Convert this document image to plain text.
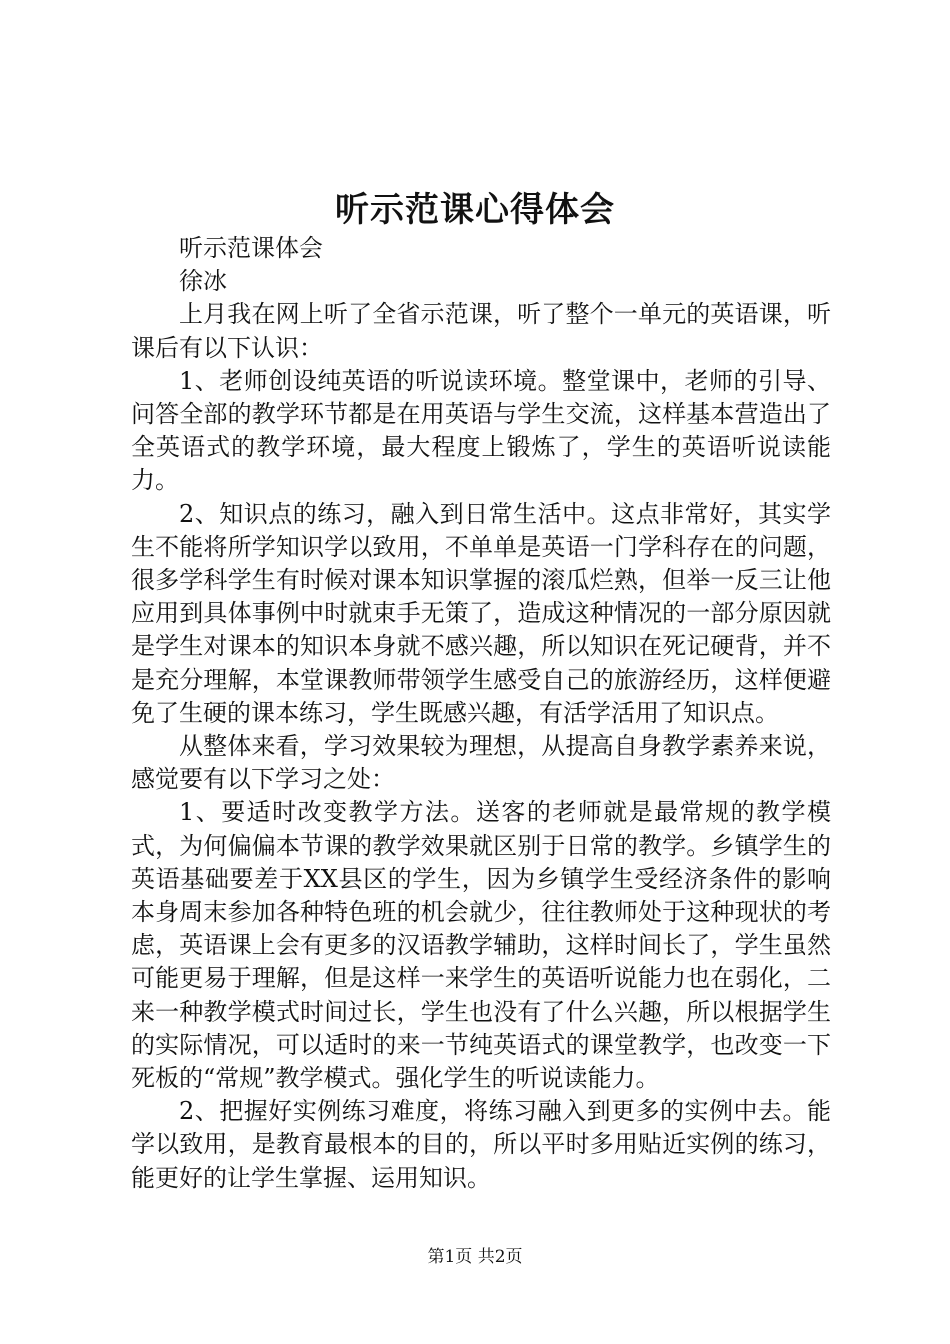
听示范课心得体会

听示范课体会

徐冰

上月我在网上听了全省示范课，听了整个一单元的英语课，听课后有以下认识：

1、老师创设纯英语的听说读环境。整堂课中，老师的引导、问答全部的教学环节都是在用英语与学生交流，这样基本营造出了全英语式的教学环境，最大程度上锻炼了，学生的英语听说读能力。

2、知识点的练习，融入到日常生活中。这点非常好，其实学生不能将所学知识学以致用，不单单是英语一门学科存在的问题，很多学科学生有时候对课本知识掌握的滚瓜烂熟，但举一反三让他应用到具体事例中时就束手无策了，造成这种情况的一部分原因就是学生对课本的知识本身就不感兴趣，所以知识在死记硬背，并不是充分理解，本堂课教师带领学生感受自己的旅游经历，这样便避免了生硬的课本练习，学生既感兴趣，有活学活用了知识点。

从整体来看，学习效果较为理想，从提高自身教学素养来说，感觉要有以下学习之处：

1、要适时改变教学方法。送客的老师就是最常规的教学模式，为何偏偏本节课的教学效果就区别于日常的教学。乡镇学生的英语基础要差于XX县区的学生，因为乡镇学生受经济条件的影响本身周末参加各种特色班的机会就少，往往教师处于这种现状的考虑，英语课上会有更多的汉语教学辅助，这样时间长了，学生虽然可能更易于理解，但是这样一来学生的英语听说能力也在弱化，二来一种教学模式时间过长，学生也没有了什么兴趣，所以根据学生的实际情况，可以适时的来一节纯英语式的课堂教学，也改变一下死板的“常规”教学模式。强化学生的听说读能力。

2、把握好实例练习难度，将练习融入到更多的实例中去。能学以致用，是教育最根本的目的，所以平时多用贴近实例的练习，能更好的让学生掌握、运用知识。

第1页 共2页
